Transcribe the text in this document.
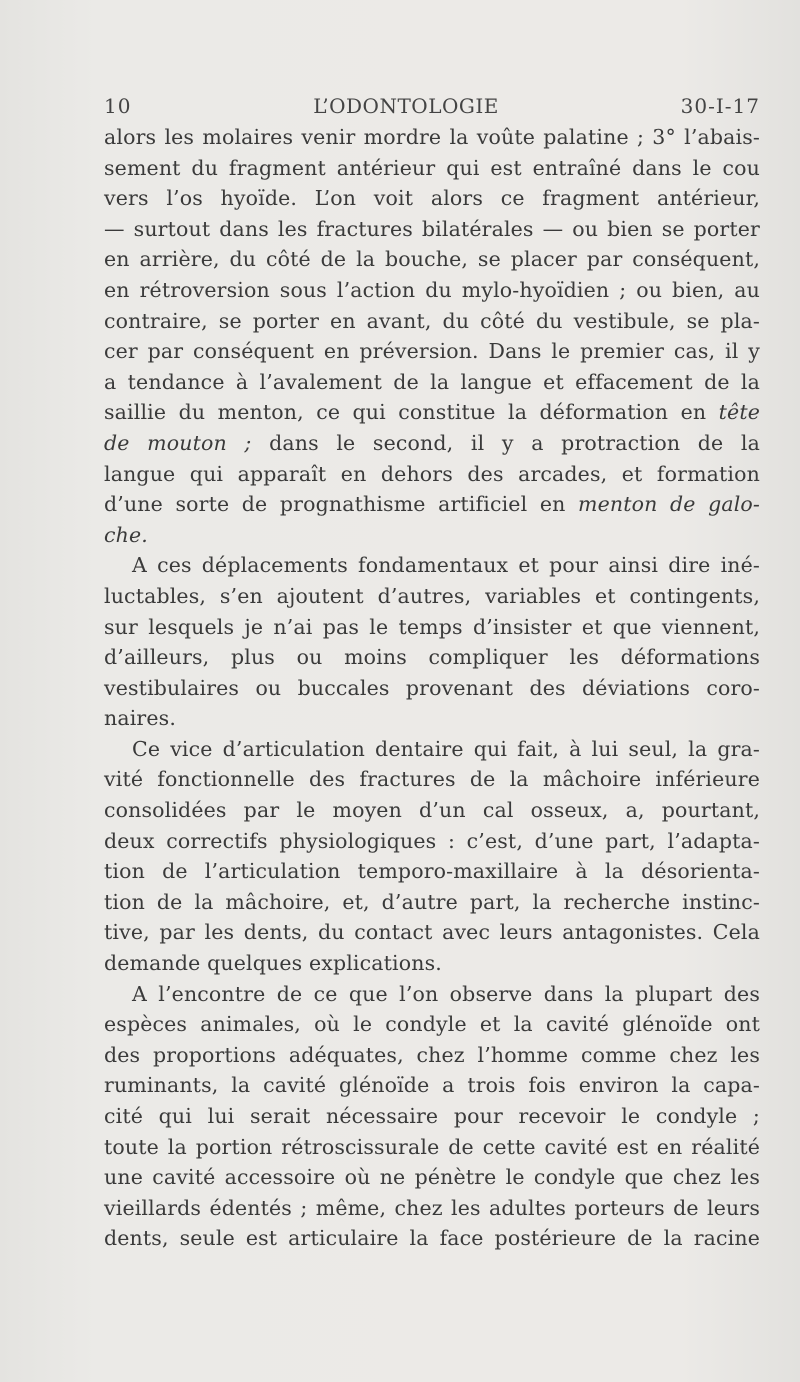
10	L’ODONTOLOGIE	30-I-17

alors les molaires venir mordre la voûte palatine ; 3° l’abais-
sement du fragment antérieur qui est entraîné dans le cou
vers l’os hyoïde. L’on voit alors ce fragment antérieur,
— surtout dans les fractures bilatérales — ou bien se porter
en arrière, du côté de la bouche, se placer par conséquent,
en rétroversion sous l’action du mylo-hyoïdien ; ou bien, au
contraire, se porter en avant, du côté du vestibule, se pla-
cer par conséquent en préversion. Dans le premier cas, il y
a tendance à l’avalement de la langue et effacement de la
saillie du menton, ce qui constitue la déformation en tête
de mouton ; dans le second, il y a protraction de la
langue qui apparaît en dehors des arcades, et formation
d’une sorte de prognathisme artificiel en menton de galo-
che.

A ces déplacements fondamentaux et pour ainsi dire iné-
luctables, s’en ajoutent d’autres, variables et contingents,
sur lesquels je n’ai pas le temps d’insister et que viennent,
d’ailleurs, plus ou moins compliquer les déformations
vestibulaires ou buccales provenant des déviations coro-
naires.

Ce vice d’articulation dentaire qui fait, à lui seul, la gra-
vité fonctionnelle des fractures de la mâchoire inférieure
consolidées par le moyen d’un cal osseux, a, pourtant,
deux correctifs physiologiques : c’est, d’une part, l’adapta-
tion de l’articulation temporo-maxillaire à la désorienta-
tion de la mâchoire, et, d’autre part, la recherche instinc-
tive, par les dents, du contact avec leurs antagonistes. Cela
demande quelques explications.

A l’encontre de ce que l’on observe dans la plupart des
espèces animales, où le condyle et la cavité glénoïde ont
des proportions adéquates, chez l’homme comme chez les
ruminants, la cavité glénoïde a trois fois environ la capa-
cité qui lui serait nécessaire pour recevoir le condyle ;
toute la portion rétroscissurale de cette cavité est en réalité
une cavité accessoire où ne pénètre le condyle que chez les
vieillards édentés ; même, chez les adultes porteurs de leurs
dents, seule est articulaire la face postérieure de la racine
